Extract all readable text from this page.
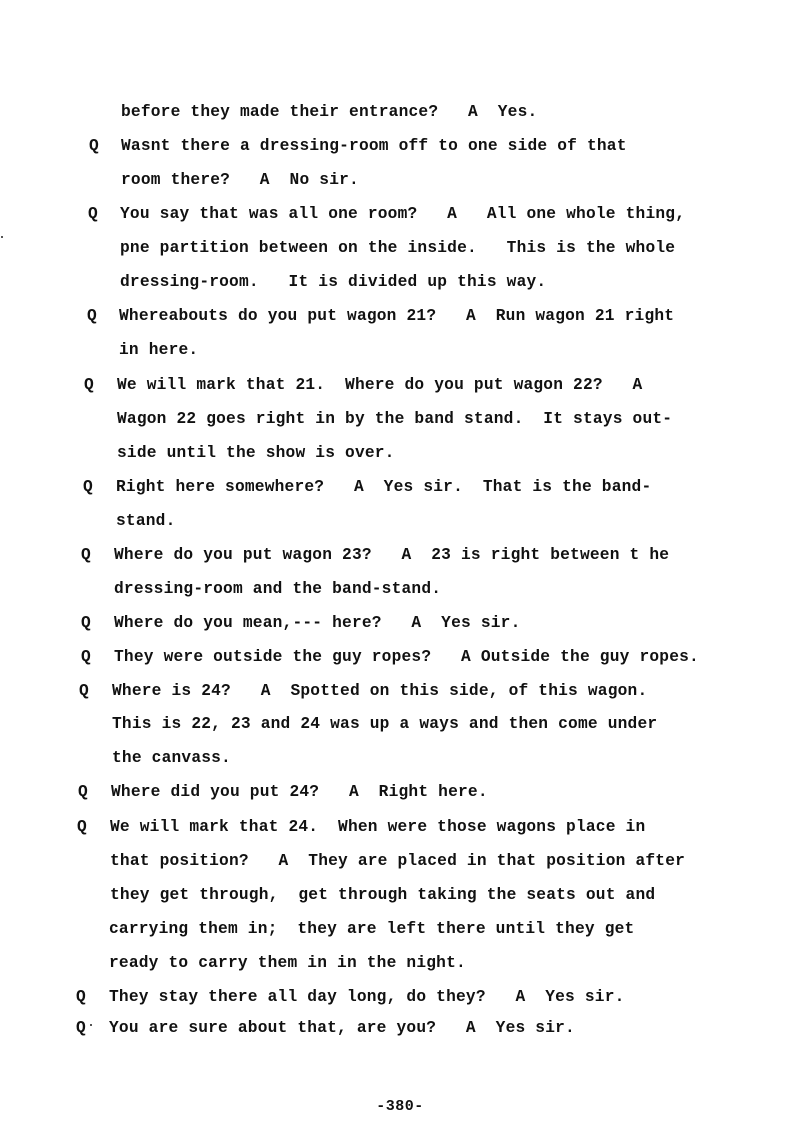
before they made their entrance?   A  Yes.
Q Wasnt there a dressing-room off to one side of that
room there?   A  No sir.
Q You say that was all one room?   A   All one whole thing,
pne partition between on the inside.   This is the whole
dressing-room.   It is divided up this way.
Q Whereabouts do you put wagon 21?   A  Run wagon 21 right
in here.
Q We will mark that 21.  Where do you put wagon 22?   A
Wagon 22 goes right in by the band stand.  It stays out-
side until the show is over.
Q Right here somewhere?   A  Yes sir.  That is the band-
stand.
Q Where do you put wagon 23?   A  23 is right between t he
dressing-room and the band-stand.
Q Where do you mean,--- here?   A  Yes sir.
Q They were outside the guy ropes?   A Outside the guy ropes.
Q Where is 24?   A  Spotted on this side, of this wagon.
This is 22, 23 and 24 was up a ways and then come under
the canvass.
Q Where did you put 24?   A  Right here.
Q We will mark that 24.  When were those wagons place in
that position?   A  They are placed in that position after
they get through,  get through taking the seats out and
carrying them in;  they are left there until they get
ready to carry them in in the night.
Q They stay there all day long, do they?   A  Yes sir.
Q You are sure about that, are you?   A  Yes sir.
-380-
